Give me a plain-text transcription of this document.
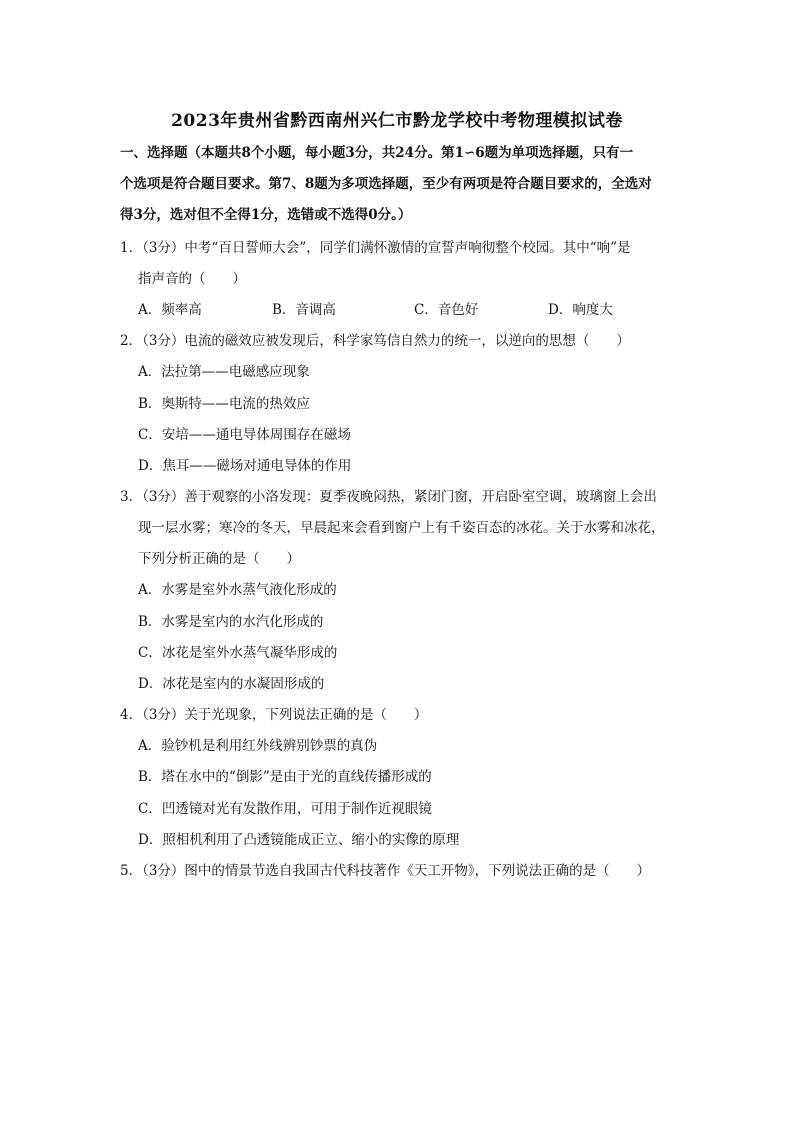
2023年贵州省黔西南州兴仁市黔龙学校中考物理模拟试卷
一、选择题（本题共8个小题，每小题3分，共24分。第1∽6题为单项选择题，只有一
个选项是符合题目要求。第7、8题为多项选择题，至少有两项是符合题目要求的，全选对
得3分，选对但不全得1分，选错或不选得0分。）
1．（3分）中考“百日誓师大会”，同学们满怀激情的宣誓声响彻整个校园。其中“响”是
指声音的（　　）
A．频率高	B．音调高	C．音色好	D．响度大
2．（3分）电流的磁效应被发现后，科学家笃信自然力的统一，以逆向的思想（　　）
A．法拉第——电磁感应现象
B．奥斯特——电流的热效应
C．安培——通电导体周围存在磁场
D．焦耳——磁场对通电导体的作用
3．（3分）善于观察的小洛发现：夏季夜晚闷热，紧闭门窗，开启卧室空调，玻璃窗上会出
现一层水雾；寒冷的冬天，早晨起来会看到窗户上有千姿百态的冰花。关于水雾和冰花，
下列分析正确的是（　　）
A．水雾是室外水蒸气液化形成的
B．水雾是室内的水汽化形成的
C．冰花是室外水蒸气凝华形成的
D．冰花是室内的水凝固形成的
4．（3分）关于光现象，下列说法正确的是（　　）
A．验钞机是利用红外线辨别钞票的真伪
B．塔在水中的“倒影”是由于光的直线传播形成的
C．凹透镜对光有发散作用，可用于制作近视眼镜
D．照相机利用了凸透镜能成正立、缩小的实像的原理
5．（3分）图中的情景节选自我国古代科技著作《天工开物》，下列说法正确的是（　　）
